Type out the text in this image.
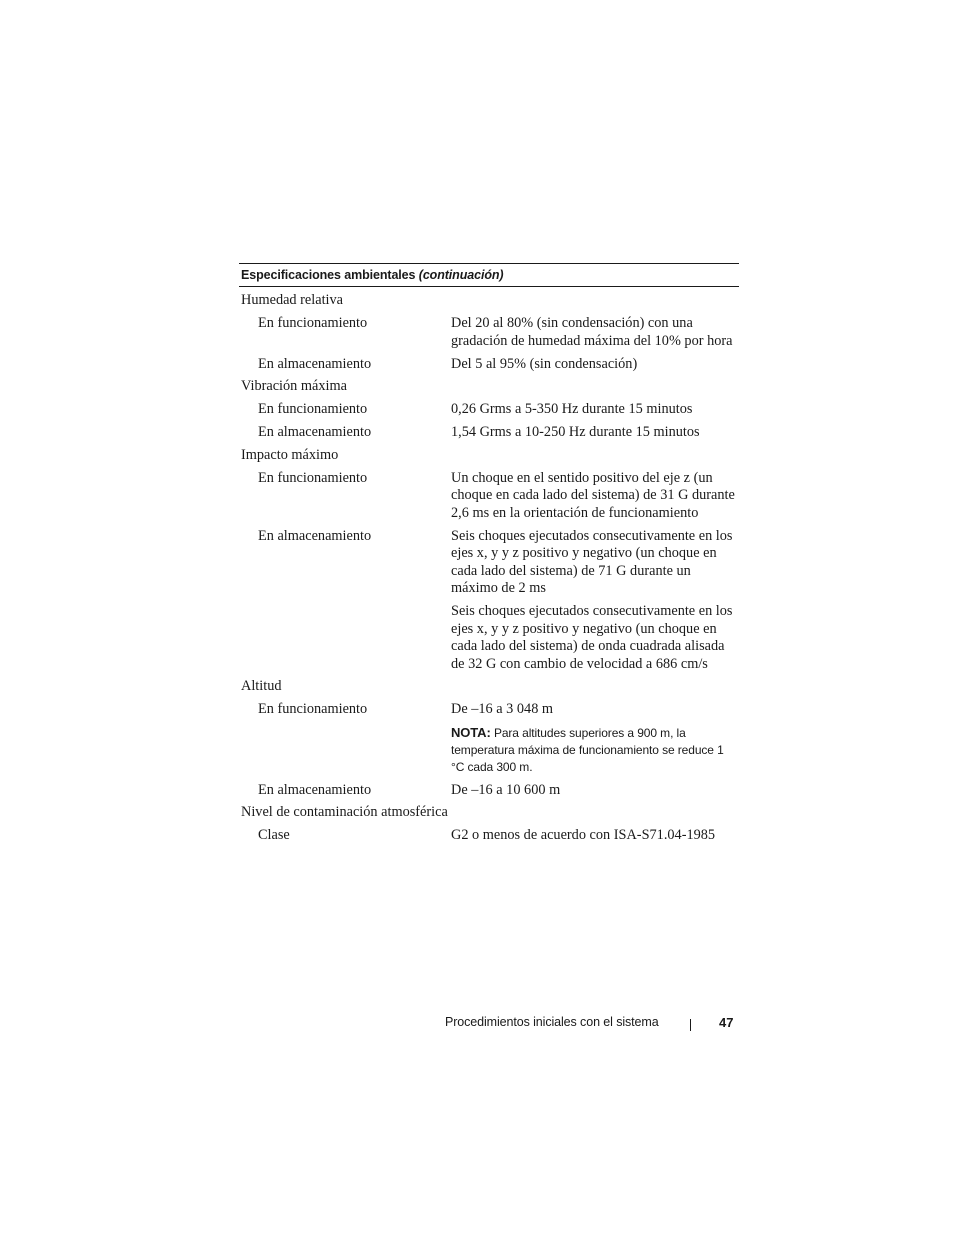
Especificaciones ambientales (continuación)
Humedad relativa
En funcionamiento	Del 20 al 80% (sin condensación) con una gradación de humedad máxima del 10% por hora

En almacenamiento	Del 5 al 95% (sin condensación)

Vibración máxima
En funcionamiento	0,26 Grms a 5-350 Hz durante 15 minutos

En almacenamiento	1,54 Grms a 10-250 Hz durante 15 minutos

Impacto máximo
En funcionamiento	Un choque en el sentido positivo del eje z (un choque en cada lado del sistema) de 31 G durante 2,6 ms en la orientación de funcionamiento

En almacenamiento	Seis choques ejecutados consecutivamente en los ejes x, y y z positivo y negativo (un choque en cada lado del sistema) de 71 G durante un máximo de 2 ms

Seis choques ejecutados consecutivamente en los ejes x, y y z positivo y negativo (un choque en cada lado del sistema) de onda cuadrada alisada de 32 G con cambio de velocidad a 686 cm/s

Altitud
En funcionamiento	De –16 a 3 048 m

NOTA: Para altitudes superiores a 900 m, la temperatura máxima de funcionamiento se reduce 1 °C cada 300 m.

En almacenamiento	De –16 a 10 600 m

Nivel de contaminación atmosférica
Clase	G2 o menos de acuerdo con ISA-S71.04-1985

Procedimientos iniciales con el sistema	47
